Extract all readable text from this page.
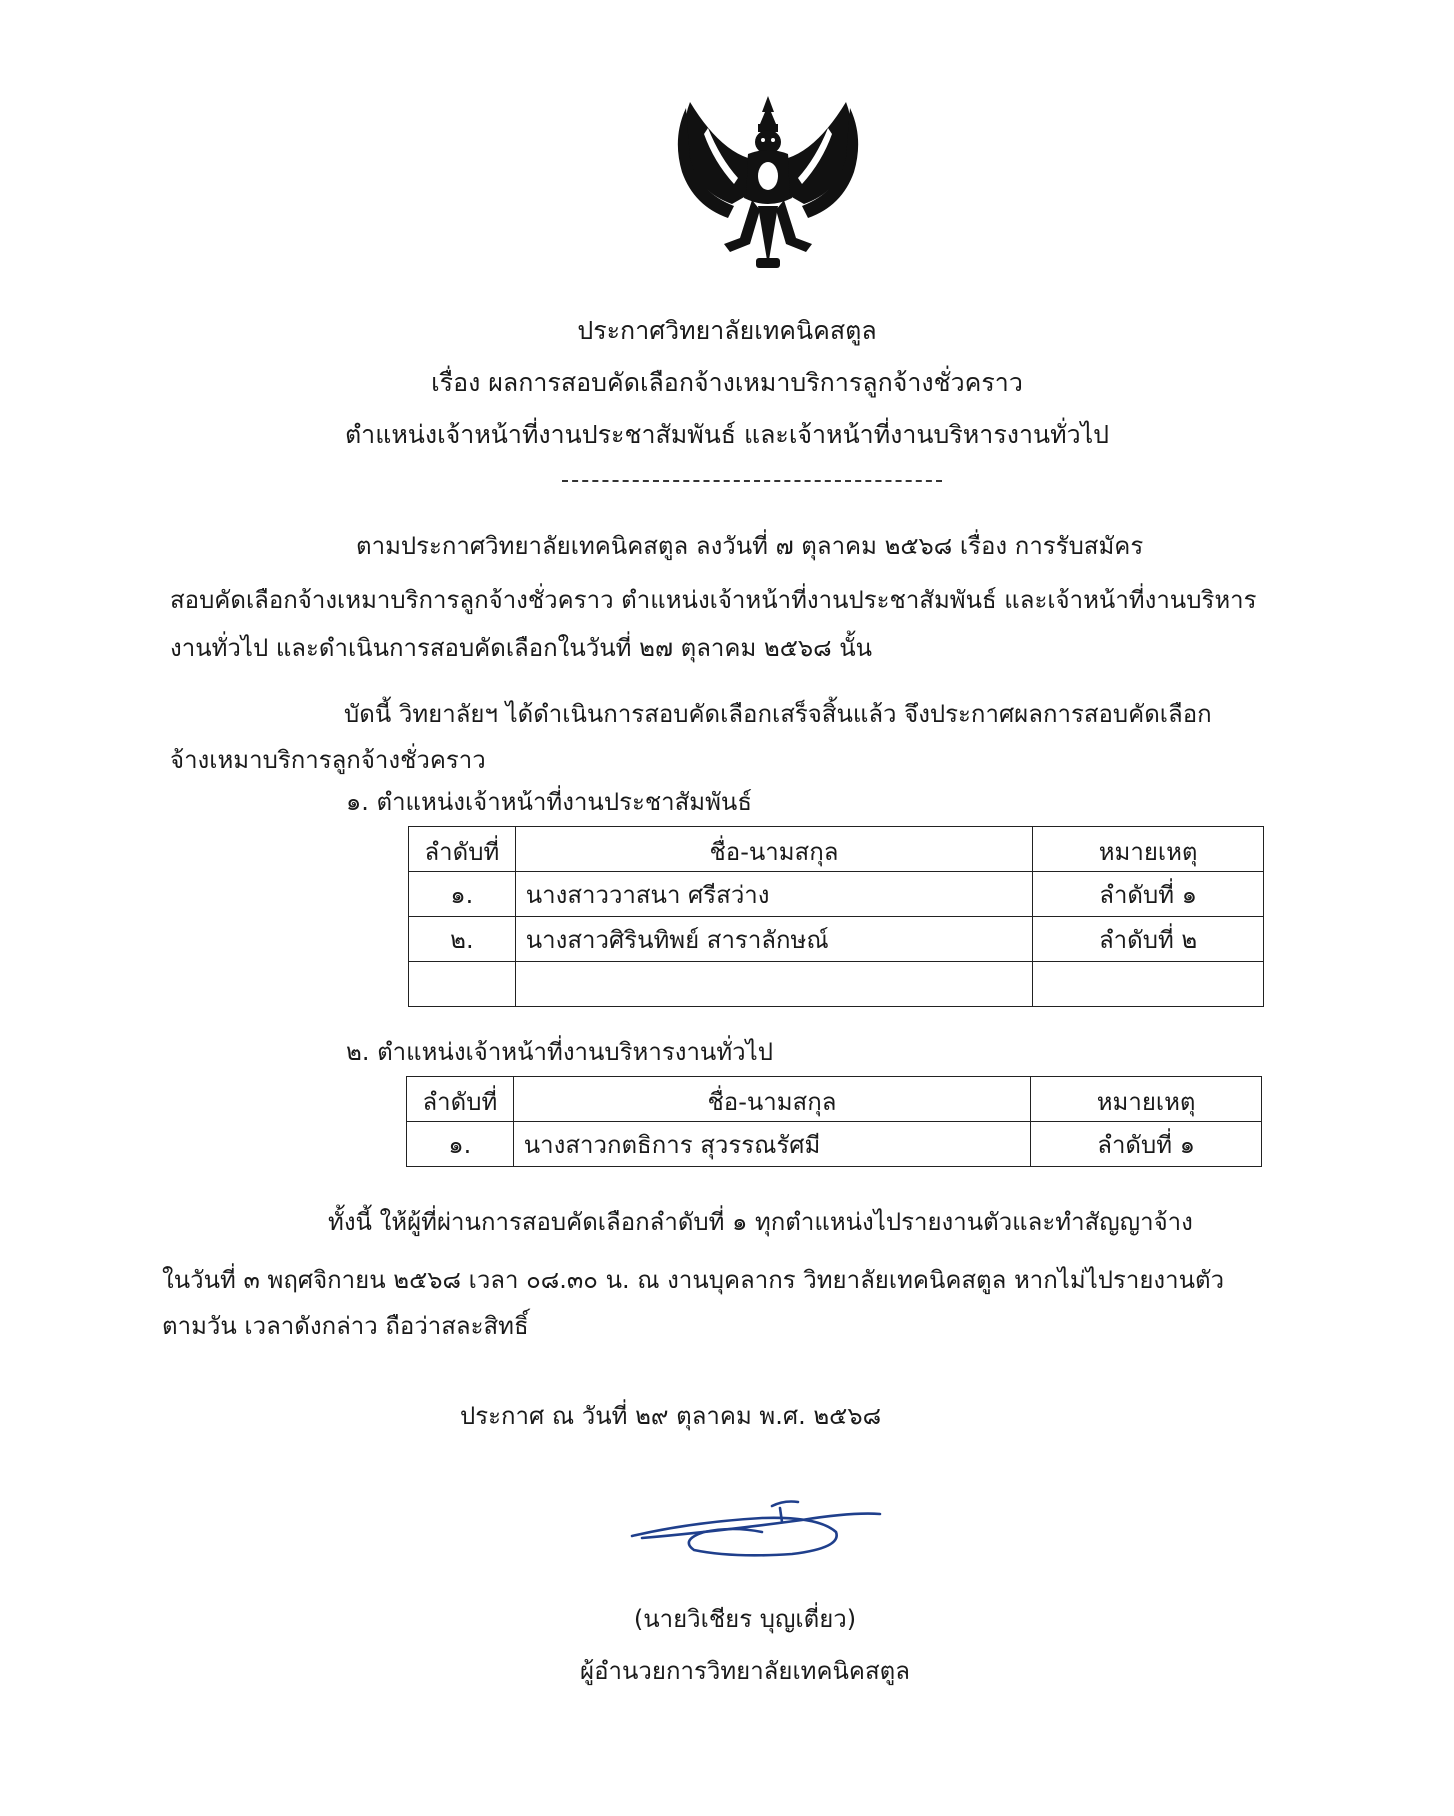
ประกาศวิทยาลัยเทคนิคสตูล
เรื่อง ผลการสอบคัดเลือกจ้างเหมาบริการลูกจ้างชั่วคราว
ตำแหน่งเจ้าหน้าที่งานประชาสัมพันธ์ และเจ้าหน้าที่งานบริหารงานทั่วไป
ตามประกาศวิทยาลัยเทคนิคสตูล ลงวันที่ ๗ ตุลาคม ๒๕๖๘ เรื่อง การรับสมัคร
สอบคัดเลือกจ้างเหมาบริการลูกจ้างชั่วคราว ตำแหน่งเจ้าหน้าที่งานประชาสัมพันธ์ และเจ้าหน้าที่งานบริหาร
งานทั่วไป และดำเนินการสอบคัดเลือกในวันที่ ๒๗ ตุลาคม ๒๕๖๘ นั้น
บัดนี้ วิทยาลัยฯ ได้ดำเนินการสอบคัดเลือกเสร็จสิ้นแล้ว จึงประกาศผลการสอบคัดเลือก
จ้างเหมาบริการลูกจ้างชั่วคราว
๑. ตำแหน่งเจ้าหน้าที่งานประชาสัมพันธ์
ลำดับที่	ชื่อ-นามสกุล	หมายเหตุ
๑.	นางสาววาสนา ศรีสว่าง	ลำดับที่ ๑
๒.	นางสาวศิรินทิพย์ สาราลักษณ์	ลำดับที่ ๒

๒. ตำแหน่งเจ้าหน้าที่งานบริหารงานทั่วไป
ลำดับที่	ชื่อ-นามสกุล	หมายเหตุ
๑.	นางสาวกตธิการ สุวรรณรัศมี	ลำดับที่ ๑
ทั้งนี้ ให้ผู้ที่ผ่านการสอบคัดเลือกลำดับที่ ๑ ทุกตำแหน่งไปรายงานตัวและทำสัญญาจ้าง
ในวันที่ ๓ พฤศจิกายน ๒๕๖๘ เวลา ๐๘.๓๐ น. ณ งานบุคลากร วิทยาลัยเทคนิคสตูล หากไม่ไปรายงานตัว
ตามวัน เวลาดังกล่าว ถือว่าสละสิทธิ์
ประกาศ ณ วันที่ ๒๙ ตุลาคม พ.ศ. ๒๕๖๘
(นายวิเชียร บุญเตี่ยว)
ผู้อำนวยการวิทยาลัยเทคนิคสตูล
